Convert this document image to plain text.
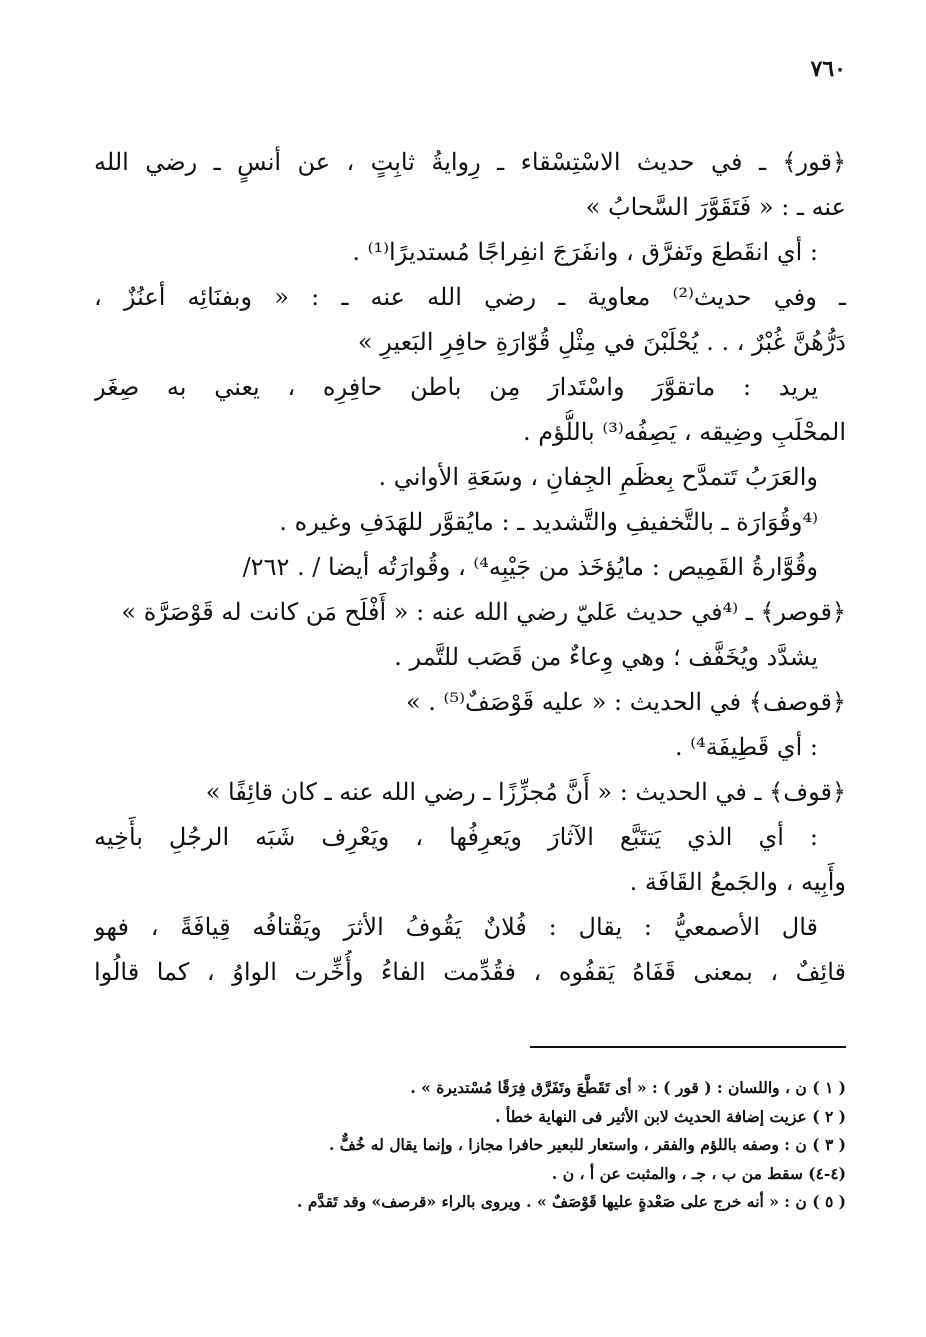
٧٦٠
﴿قور﴾ ـ في حديث الاسْتِسْقاء ـ رِوايةُ ثابِتٍ ، عن أنسٍ ـ رضي الله
عنه ـ : « فَتَقَوَّرَ السَّحابُ »
: أي انقَطعَ وتَفرَّق ، وانفَرَجَ انفِراجًا مُستديرًا⁽¹⁾ .
ـ وفي حديث⁽²⁾ معاوية ـ رضي الله عنه ـ : « وبفنَائِه أعنُزٌ ،
دَرُّهُنَّ غُبْرٌ ، . . يُحْلَبْنَ في مِثْلِ قُوّارَةِ حافِرِ البَعيرِ »
يريد : ماتقوَّرَ واسْتَدارَ مِن باطن حافِرِه ، يعني به صِغَر
المحْلَبِ وضِيقه ، يَصِفُه⁽³⁾ باللُّؤم .
والعَرَبُ تَتمدَّح بِعظَمِ الجِفانِ ، وسَعَةِ الأواني .
⁽⁴وقُوَارَة ـ بالتَّخفيفِ والتَّشديد ـ : مايُقوَّر للهَدَفِ وغيره .
وقُوَّارةُ القَمِيص : مايُؤخَذ من جَيْبِه⁴⁾ ، وقُوارَتُه أيضا / . ٢٦٢/
﴿قوصر﴾ ـ ⁽⁴في حديث عَليّ رضي الله عنه : « أَفْلَح مَن كانت له قَوْصَرَّة »
يشدَّد ويُخَفَّف ؛ وهي وِعاءٌ من قَصَب للتَّمر .
﴿قوصف﴾ في الحديث : « عليه قَوْصَفٌ⁽⁵⁾ . »
: أي قَطِيفَة⁴⁾ .
﴿قوف﴾ ـ في الحديث : « أَنَّ مُجزِّزًا ـ رضي الله عنه ـ كان قائِفًا »
: أي الذي يَتتَبَّع الآثارَ ويَعرِفُها ، ويَعْرِف شَبَه الرجُلِ بأَخِيه
وأَبِيه ، والجَمعُ القَافَة .
قال الأصمعيُّ : يقال : فُلانٌ يَقُوفُ الأثرَ ويَقْتافُه قِيافَةً ، فهو
قائِفٌ ، بمعنى قَفَاهُ يَقفُوه ، فقُدِّمت الفاءُ وأُخِّرت الواوُ ، كما قالُوا
( ١ ) ن ، واللسان : ( قور ) : « أى تَقَطَّعَ وتَفَرَّق فِرَقًا مُسْتديرة » .
( ٢ ) عزيت إضافة الحديث لابن الأثير فى النهاية خطأ .
( ٣ ) ن : وصفه باللؤم والفقر ، واستعار للبعير حافرا مجازا ، وإنما يقال له خُفٌّ .
(٤-٤) سقط من ب ، جـ ، والمثبت عن أ ، ن .
( ٥ ) ن : « أنه خرج على صَعْدةٍ عليها قَوْصَفٌ » . ويروى بالراء «قرصف» وقد تَقدَّم .
